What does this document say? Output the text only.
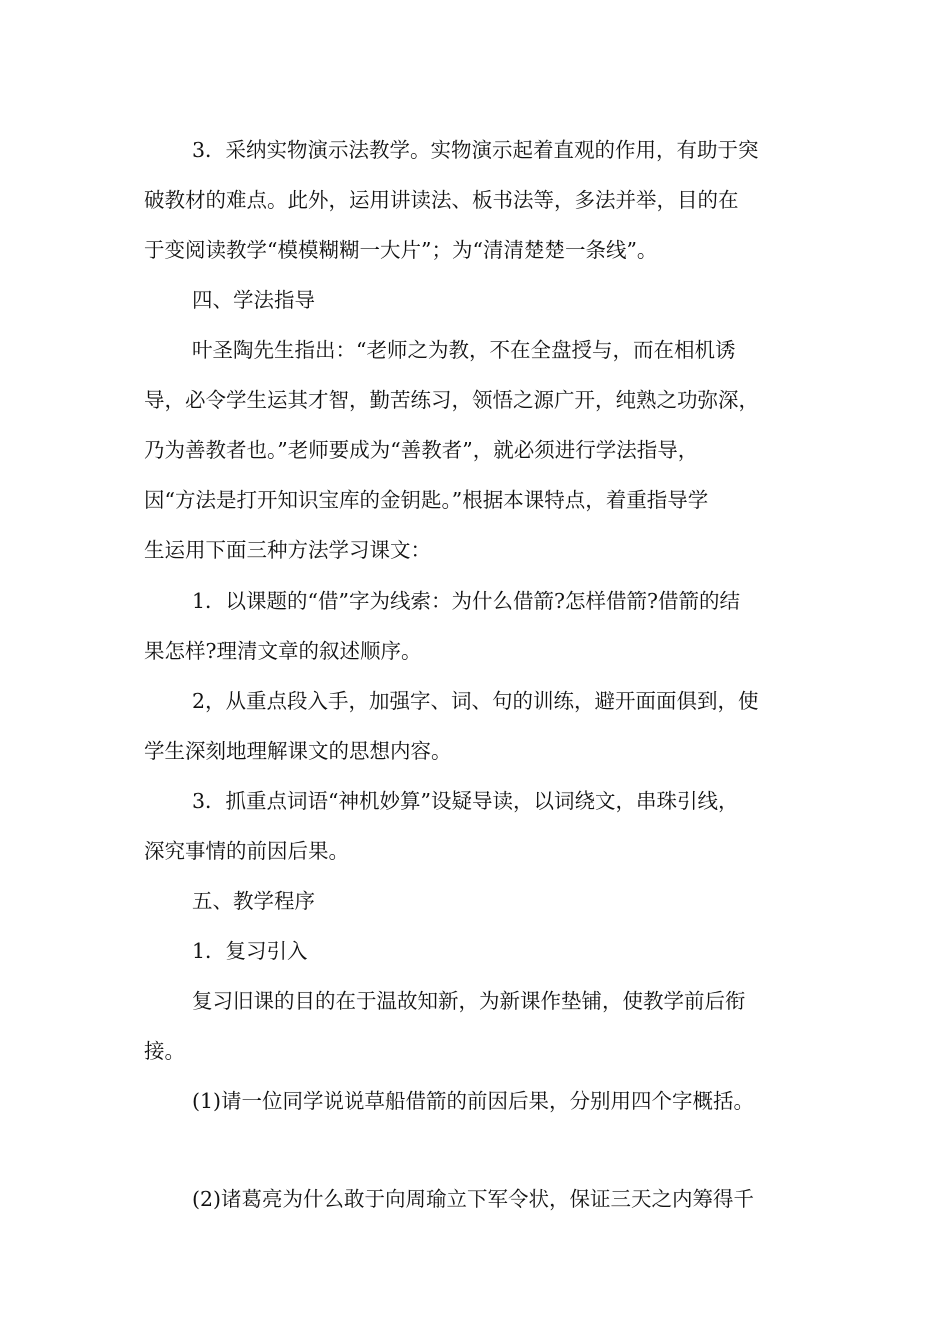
3．采纳实物演示法教学。实物演示起着直观的作用，有助于突
破教材的难点。此外，运用讲读法、板书法等，多法并举，目的在
于变阅读教学“模模糊糊一大片”；为“清清楚楚一条线”。
四、学法指导
叶圣陶先生指出：“老师之为教，不在全盘授与，而在相机诱
导，必令学生运其才智，勤苦练习，领悟之源广开，纯熟之功弥深，
乃为善教者也。”老师要成为“善教者”，就必须进行学法指导，
因“方法是打开知识宝库的金钥匙。”根据本课特点，着重指导学
生运用下面三种方法学习课文：
1．以课题的“借”字为线索：为什么借箭?怎样借箭?借箭的结
果怎样?理清文章的叙述顺序。
2，从重点段入手，加强字、词、句的训练，避开面面俱到，使
学生深刻地理解课文的思想内容。
3．抓重点词语“神机妙算”设疑导读，以词绕文，串珠引线，
深究事情的前因后果。
五、教学程序
1．复习引入
复习旧课的目的在于温故知新，为新课作垫铺，使教学前后衔
接。
(1)请一位同学说说草船借箭的前因后果，分别用四个字概括。
(2)诸葛亮为什么敢于向周瑜立下军令状，保证三天之内筹得千
